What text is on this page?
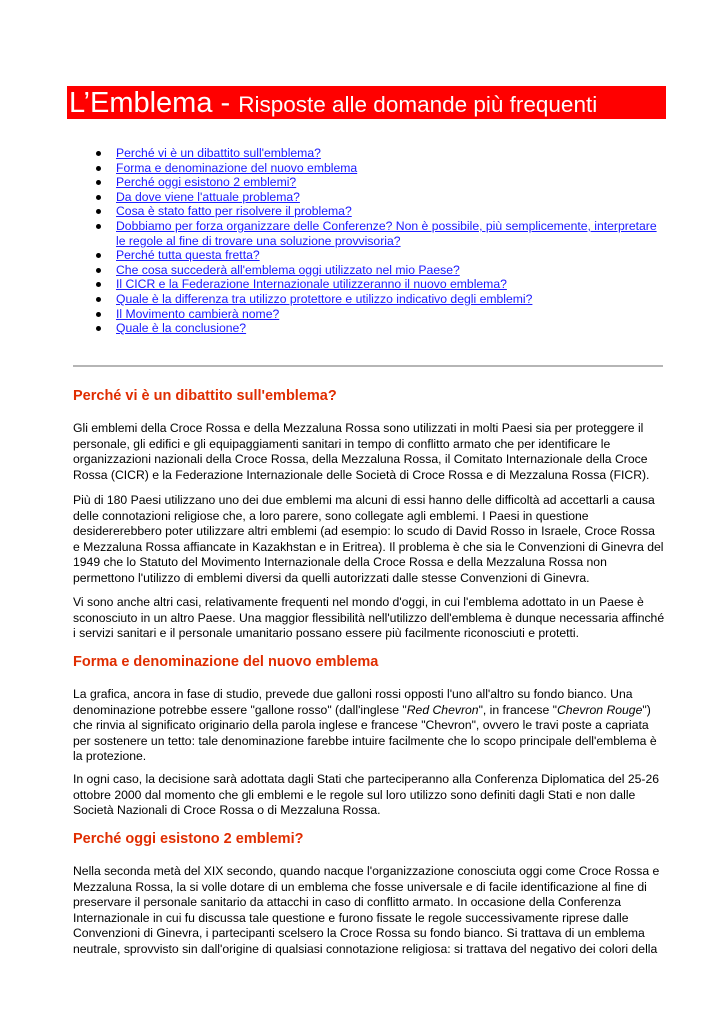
L’Emblema - Risposte alle domande più frequenti
Perché vi è un dibattito sull'emblema?
Forma e denominazione del nuovo emblema
Perché oggi esistono 2 emblemi?
Da dove viene l'attuale problema?
Cosa è stato fatto per risolvere il problema?
Dobbiamo per forza organizzare delle Conferenze? Non è possibile, più semplicemente, interpretare
le regole al fine di trovare una soluzione provvisoria?
Perché tutta questa fretta?
Che cosa succederà all'emblema oggi utilizzato nel mio Paese?
Il CICR e la Federazione Internazionale utilizzeranno il nuovo emblema?
Quale è la differenza tra utilizzo protettore e utilizzo indicativo degli emblemi?
Il Movimento cambierà nome?
Quale è la conclusione?
Perché vi è un dibattito sull'emblema?

Gli emblemi della Croce Rossa e della Mezzaluna Rossa sono utilizzati in molti Paesi sia per proteggere il
personale, gli edifici e gli equipaggiamenti sanitari in tempo di conflitto armato che per identificare le
organizzazioni nazionali della Croce Rossa, della Mezzaluna Rossa, il Comitato Internazionale della Croce
Rossa (CICR) e la Federazione Internazionale delle Società di Croce Rossa e di Mezzaluna Rossa (FICR).

Più di 180 Paesi utilizzano uno dei due emblemi ma alcuni di essi hanno delle difficoltà ad accettarli a causa
delle connotazioni religiose che, a loro parere, sono collegate agli emblemi. I Paesi in questione
desidererebbero poter utilizzare altri emblemi (ad esempio: lo scudo di David Rosso in Israele, Croce Rossa
e Mezzaluna Rossa affiancate in Kazakhstan e in Eritrea). Il problema è che sia le Convenzioni di Ginevra del
1949 che lo Statuto del Movimento Internazionale della Croce Rossa e della Mezzaluna Rossa non
permettono l'utilizzo di emblemi diversi da quelli autorizzati dalle stesse Convenzioni di Ginevra.

Vi sono anche altri casi, relativamente frequenti nel mondo d'oggi, in cui l'emblema adottato in un Paese è
sconosciuto in un altro Paese. Una maggior flessibilità nell'utilizzo dell'emblema è dunque necessaria affinché
i servizi sanitari e il personale umanitario possano essere più facilmente riconosciuti e protetti.

Forma e denominazione del nuovo emblema

La grafica, ancora in fase di studio, prevede due galloni rossi opposti l'uno all'altro su fondo bianco. Una
denominazione potrebbe essere "gallone rosso" (dall'inglese "Red Chevron", in francese "Chevron Rouge")
che rinvia al significato originario della parola inglese e francese "Chevron", ovvero le travi poste a capriata
per sostenere un tetto: tale denominazione farebbe intuire facilmente che lo scopo principale dell'emblema è
la protezione.

In ogni caso, la decisione sarà adottata dagli Stati che parteciperanno alla Conferenza Diplomatica del 25-26
ottobre 2000 dal momento che gli emblemi e le regole sul loro utilizzo sono definiti dagli Stati e non dalle
Società Nazionali di Croce Rossa o di Mezzaluna Rossa.

Perché oggi esistono 2 emblemi?

Nella seconda metà del XIX secondo, quando nacque l'organizzazione conosciuta oggi come Croce Rossa e
Mezzaluna Rossa, la si volle dotare di un emblema che fosse universale e di facile identificazione al fine di
preservare il personale sanitario da attacchi in caso di conflitto armato. In occasione della Conferenza
Internazionale in cui fu discussa tale questione e furono fissate le regole successivamente riprese dalle
Convenzioni di Ginevra, i partecipanti scelsero la Croce Rossa su fondo bianco. Si trattava di un emblema
neutrale, sprovvisto sin dall'origine di qualsiasi connotazione religiosa: si trattava del negativo dei colori della
